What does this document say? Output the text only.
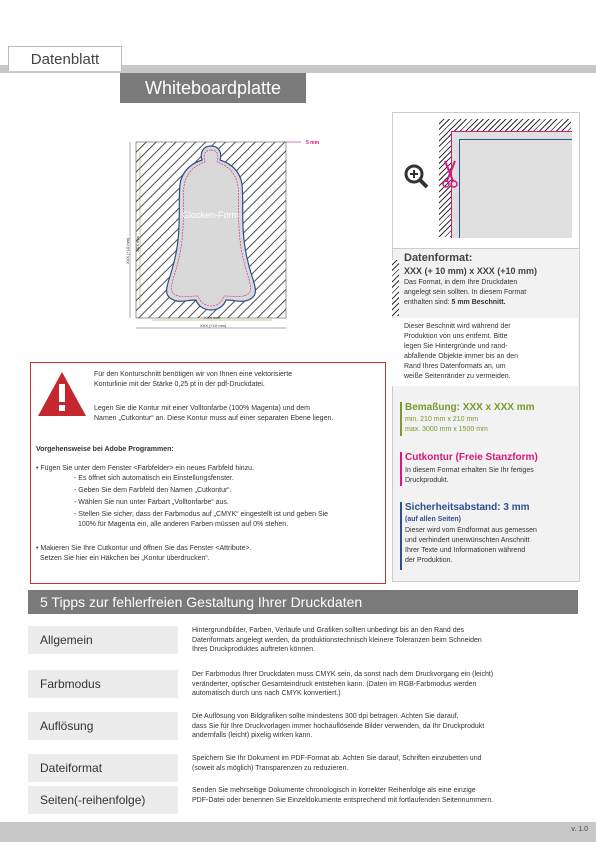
Datenblatt
Whiteboardplatte
Glocken-Form
5 mm
XXX mm
XXX (+10 mm)
XXX (+10 mm) XXX mm
Datenformat:
XXX (+ 10 mm) x XXX (+10 mm)
Das Format, in dem Ihre Druckdaten
angelegt sein sollten. In diesem Format
enthalten sind: 5 mm Beschnitt.
Dieser Beschnitt wird während der
Produktion von uns entfernt. Bitte
legen Sie Hintergründe und rand-
abfallende Objekte immer bis an den
Rand Ihres Datenformats an, um
weiße Seitenränder zu vermeiden.
Bemaßung: XXX x XXX mm
min. 210 mm x 210 mm
max. 3000 mm x 1500 mm
Cutkontur (Freie Stanzform)
In diesem Format erhalten Sie Ihr fertiges
Druckprodukt.
Sicherheitsabstand: 3 mm
(auf allen Seiten)
Dieser wird vom Endformat aus gemessen
und verhindert unerwünschten Anschnitt
Ihrer Texte und Informationen während
der Produktion.
Für den Konturschnitt benötigen wir von Ihnen eine vektorisierte
Konturlinie mit der Stärke 0,25 pt in der pdf-Druckdatei.
Legen Sie die Kontur mit einer Volltonfarbe (100% Magenta) und dem
Namen „Cutkontur“ an. Diese Kontur muss auf einer separaten Ebene liegen.
Vorgehensweise bei Adobe Programmen:
• Fügen Sie unter dem Fenster <Farbfelder> ein neues Farbfeld hinzu.
- Es öffnet sich automatisch ein Einstellungsfenster.
- Geben Sie dem Farbfeld den Namen „Cutkontur“.
- Wählen Sie nun unter Farbart „Volltonfarbe“ aus.
- Stellen Sie sicher, dass der Farbmodus auf „CMYK“ eingestellt ist und geben Sie
100% für Magenta ein, alle anderen Farben müssen auf 0% stehen.
• Makieren Sie Ihre Cutkontur und öffnen Sie das Fenster <Attribute>.
Setzen Sie hier ein Häkchen bei „Kontur überdrucken“.
5 Tipps zur fehlerfreien Gestaltung Ihrer Druckdaten
Allgemein
Hintergrundbilder, Farben, Verläufe und Grafiken sollten unbedingt bis an den Rand des
Datenformats angelegt werden, da produktionstechnisch kleinere Toleranzen beim Schneiden
Ihres Druckproduktes auftreten können.
Farbmodus
Der Farbmodus Ihrer Druckdaten muss CMYK sein, da sonst nach dem Druckvorgang ein (leicht)
veränderter, optischer Gesamteindruck entstehen kann. (Daten im RGB-Farbmodus werden
automatisch durch uns nach CMYK konvertiert.)
Auflösung
Die Auflösung von Bildgrafiken sollte mindestens 300 dpi betragen. Achten Sie darauf,
dass Sie für Ihre Druckvorlagen immer hochauflösende Bilder verwenden, da Ihr Druckprodukt
andernfalls (leicht) pixelig wirken kann.
Dateiformat
Speichern Sie Ihr Dokument im PDF-Format ab. Achten Sie darauf, Schriften einzubetten und
(soweit als möglich) Transparenzen zu reduzieren.
Seiten(-reihenfolge)
Senden Sie mehrseitige Dokumente chronologisch in korrekter Reihenfolge als eine einzige
PDF-Datei oder benennen Sie Einzeldokumente entsprechend mit fortlaufenden Seitennummern.
v. 1.0
